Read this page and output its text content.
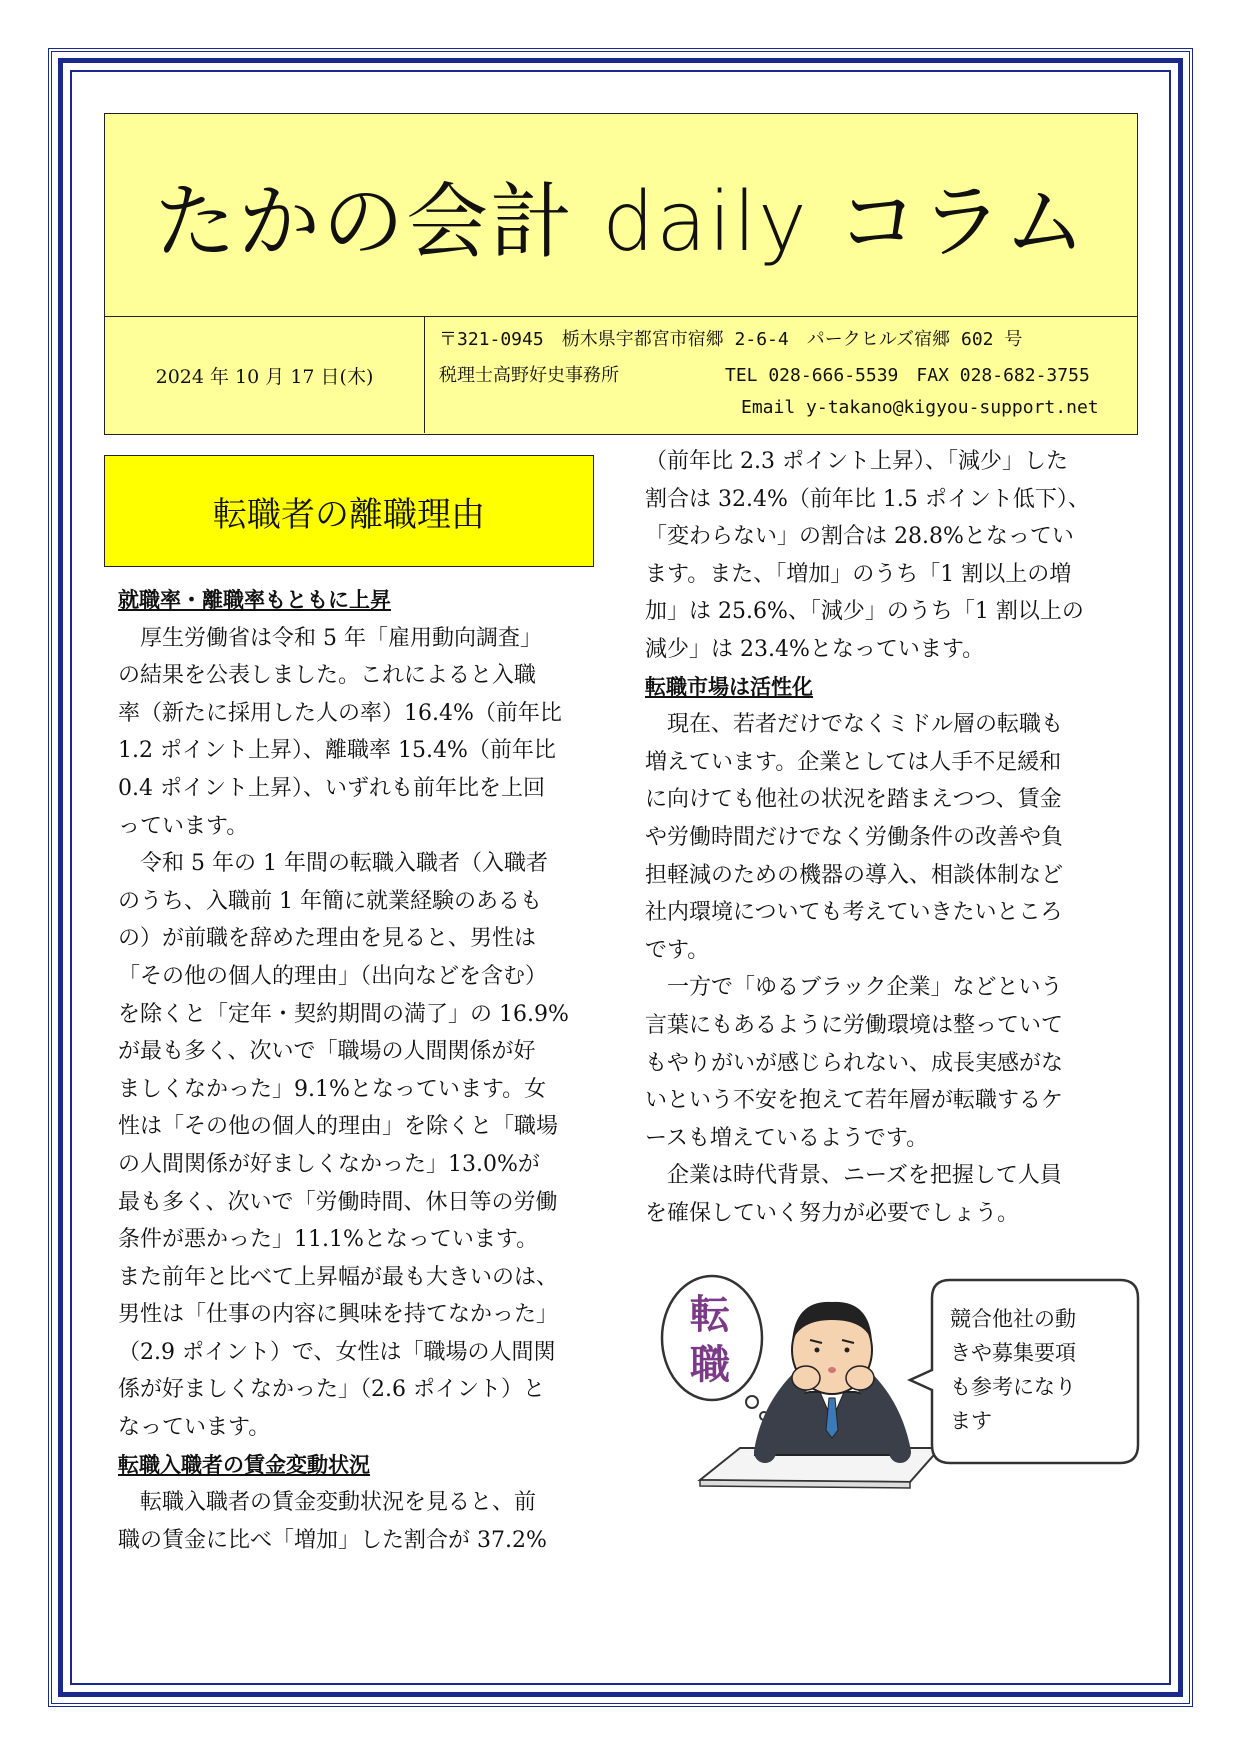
たかの会計 daily コラム
2024 年 10 月 17 日(木)
〒321-0945　栃木県宇都宮市宿郷 2-6-4　パークヒルズ宿郷 602 号
税理士高野好史事務所	TEL 028-666-5539　FAX 028-682-3755
Email y-takano@kigyou-support.net
転職者の離職理由

就職率・離職率もともに上昇

　厚生労働省は令和 5 年「雇用動向調査」

の結果を公表しました。これによると入職

率（新たに採用した人の率）16.4%（前年比

1.2 ポイント上昇）、離職率 15.4%（前年比

0.4 ポイント上昇）、いずれも前年比を上回

っています。

　令和 5 年の 1 年間の転職入職者（入職者

のうち、入職前 1 年簡に就業経験のあるも

の）が前職を辞めた理由を見ると、男性は

「その他の個人的理由」（出向などを含む）

を除くと「定年・契約期間の満了」の 16.9%

が最も多く、次いで「職場の人間関係が好

ましくなかった」9.1%となっています。女

性は「その他の個人的理由」を除くと「職場

の人間関係が好ましくなかった」13.0%が

最も多く、次いで「労働時間、休日等の労働

条件が悪かった」11.1%となっています。

また前年と比べて上昇幅が最も大きいのは、

男性は「仕事の内容に興味を持てなかった」

（2.9 ポイント）で、女性は「職場の人間関

係が好ましくなかった」（2.6 ポイント）と

なっています。

転職入職者の賃金変動状況

　転職入職者の賃金変動状況を見ると、前

職の賃金に比べ「増加」した割合が 37.2%

（前年比 2.3 ポイント上昇）、「減少」した

割合は 32.4%（前年比 1.5 ポイント低下）、

「変わらない」の割合は 28.8%となってい

ます。また、「増加」のうち「1 割以上の増

加」は 25.6%、「減少」のうち「1 割以上の

減少」は 23.4%となっています。

転職市場は活性化

　現在、若者だけでなくミドル層の転職も

増えています。企業としては人手不足緩和

に向けても他社の状況を踏まえつつ、賃金

や労働時間だけでなく労働条件の改善や負

担軽減のための機器の導入、相談体制など

社内環境についても考えていきたいところ

です。

　一方で「ゆるブラック企業」などという

言葉にもあるように労働環境は整っていて

もやりがいが感じられない、成長実感がな

いという不安を抱えて若年層が転職するケ

ースも増えているようです。

　企業は時代背景、ニーズを把握して人員

を確保していく努力が必要でしょう。

転
職

競合他社の動

きや募集要項

も参考になり

ます
